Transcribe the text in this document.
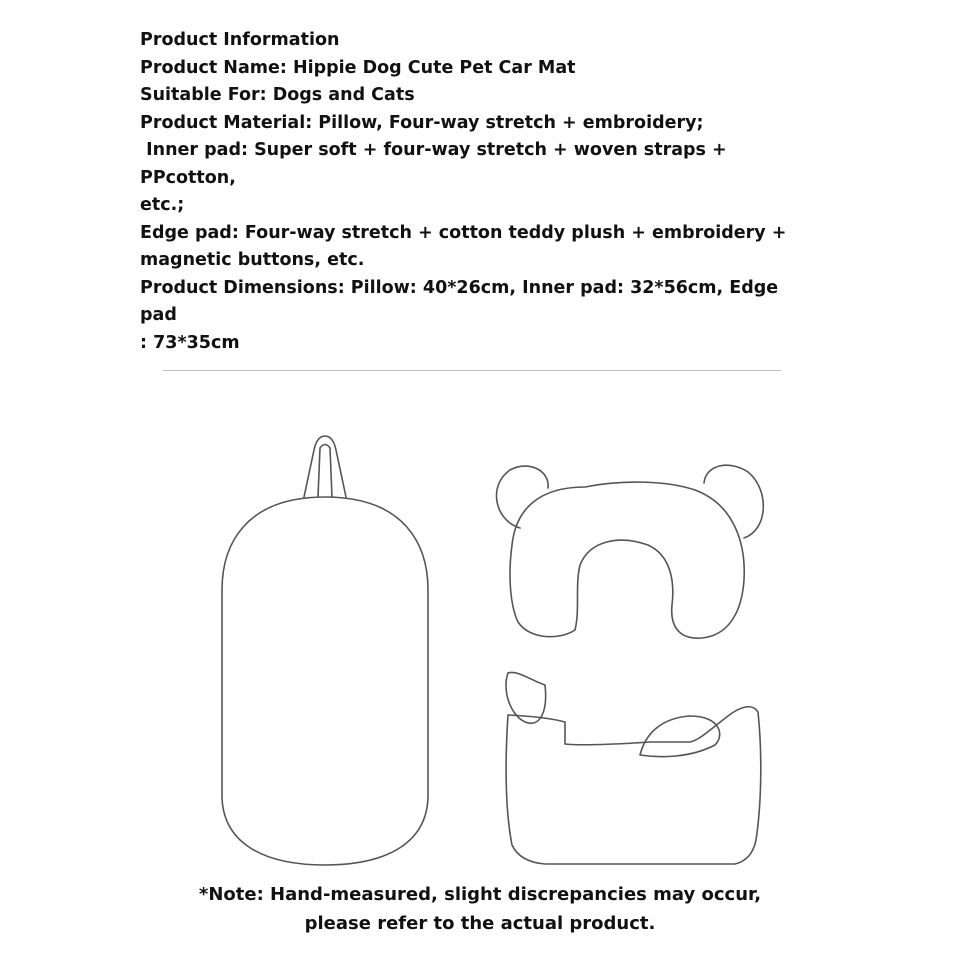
Product Information
Product Name: Hippie Dog Cute Pet Car Mat
Suitable For: Dogs and Cats
Product Material: Pillow, Four-way stretch + embroidery;
Inner pad: Super soft + four-way stretch + woven straps + PPcotton,
etc.;
Edge pad: Four-way stretch + cotton teddy plush + embroidery +
magnetic buttons, etc.
Product Dimensions: Pillow: 40*26cm, Inner pad: 32*56cm, Edge pad
: 73*35cm
*Note: Hand-measured, slight discrepancies may occur,
please refer to the actual product.
